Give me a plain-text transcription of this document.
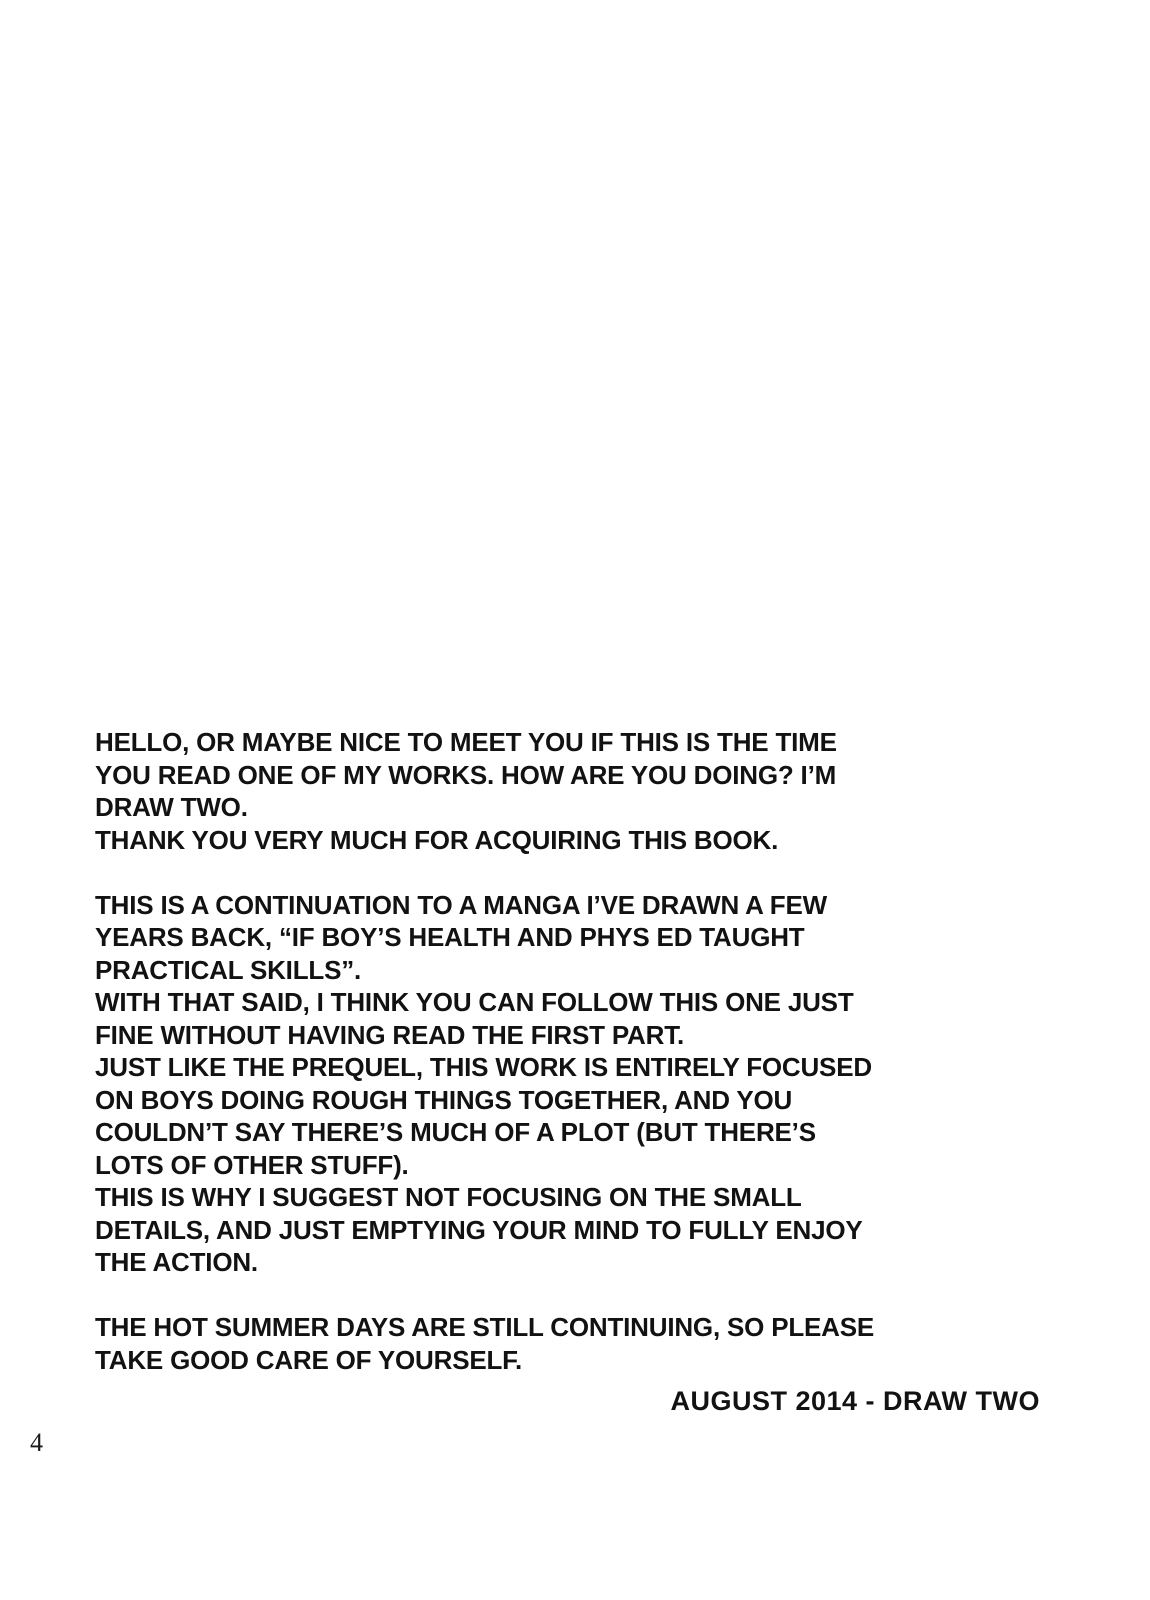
HELLO, OR MAYBE NICE TO MEET YOU IF THIS IS THE TIME
YOU READ ONE OF MY WORKS. HOW ARE YOU DOING? I’M
DRAW TWO.
THANK YOU VERY MUCH FOR ACQUIRING THIS BOOK.

THIS IS A CONTINUATION TO A MANGA I’VE DRAWN A FEW
YEARS BACK, “IF BOY’S HEALTH AND PHYS ED TAUGHT
PRACTICAL SKILLS”.
WITH THAT SAID, I THINK YOU CAN FOLLOW THIS ONE JUST
FINE WITHOUT HAVING READ THE FIRST PART.
JUST LIKE THE PREQUEL, THIS WORK IS ENTIRELY FOCUSED
ON BOYS DOING ROUGH THINGS TOGETHER, AND YOU
COULDN’T SAY THERE’S MUCH OF A PLOT (BUT THERE’S
LOTS OF OTHER STUFF).
THIS IS WHY I SUGGEST NOT FOCUSING ON THE SMALL
DETAILS, AND JUST EMPTYING YOUR MIND TO FULLY ENJOY
THE ACTION.

THE HOT SUMMER DAYS ARE STILL CONTINUING, SO PLEASE
TAKE GOOD CARE OF YOURSELF.

AUGUST 2014 - DRAW TWO
4
